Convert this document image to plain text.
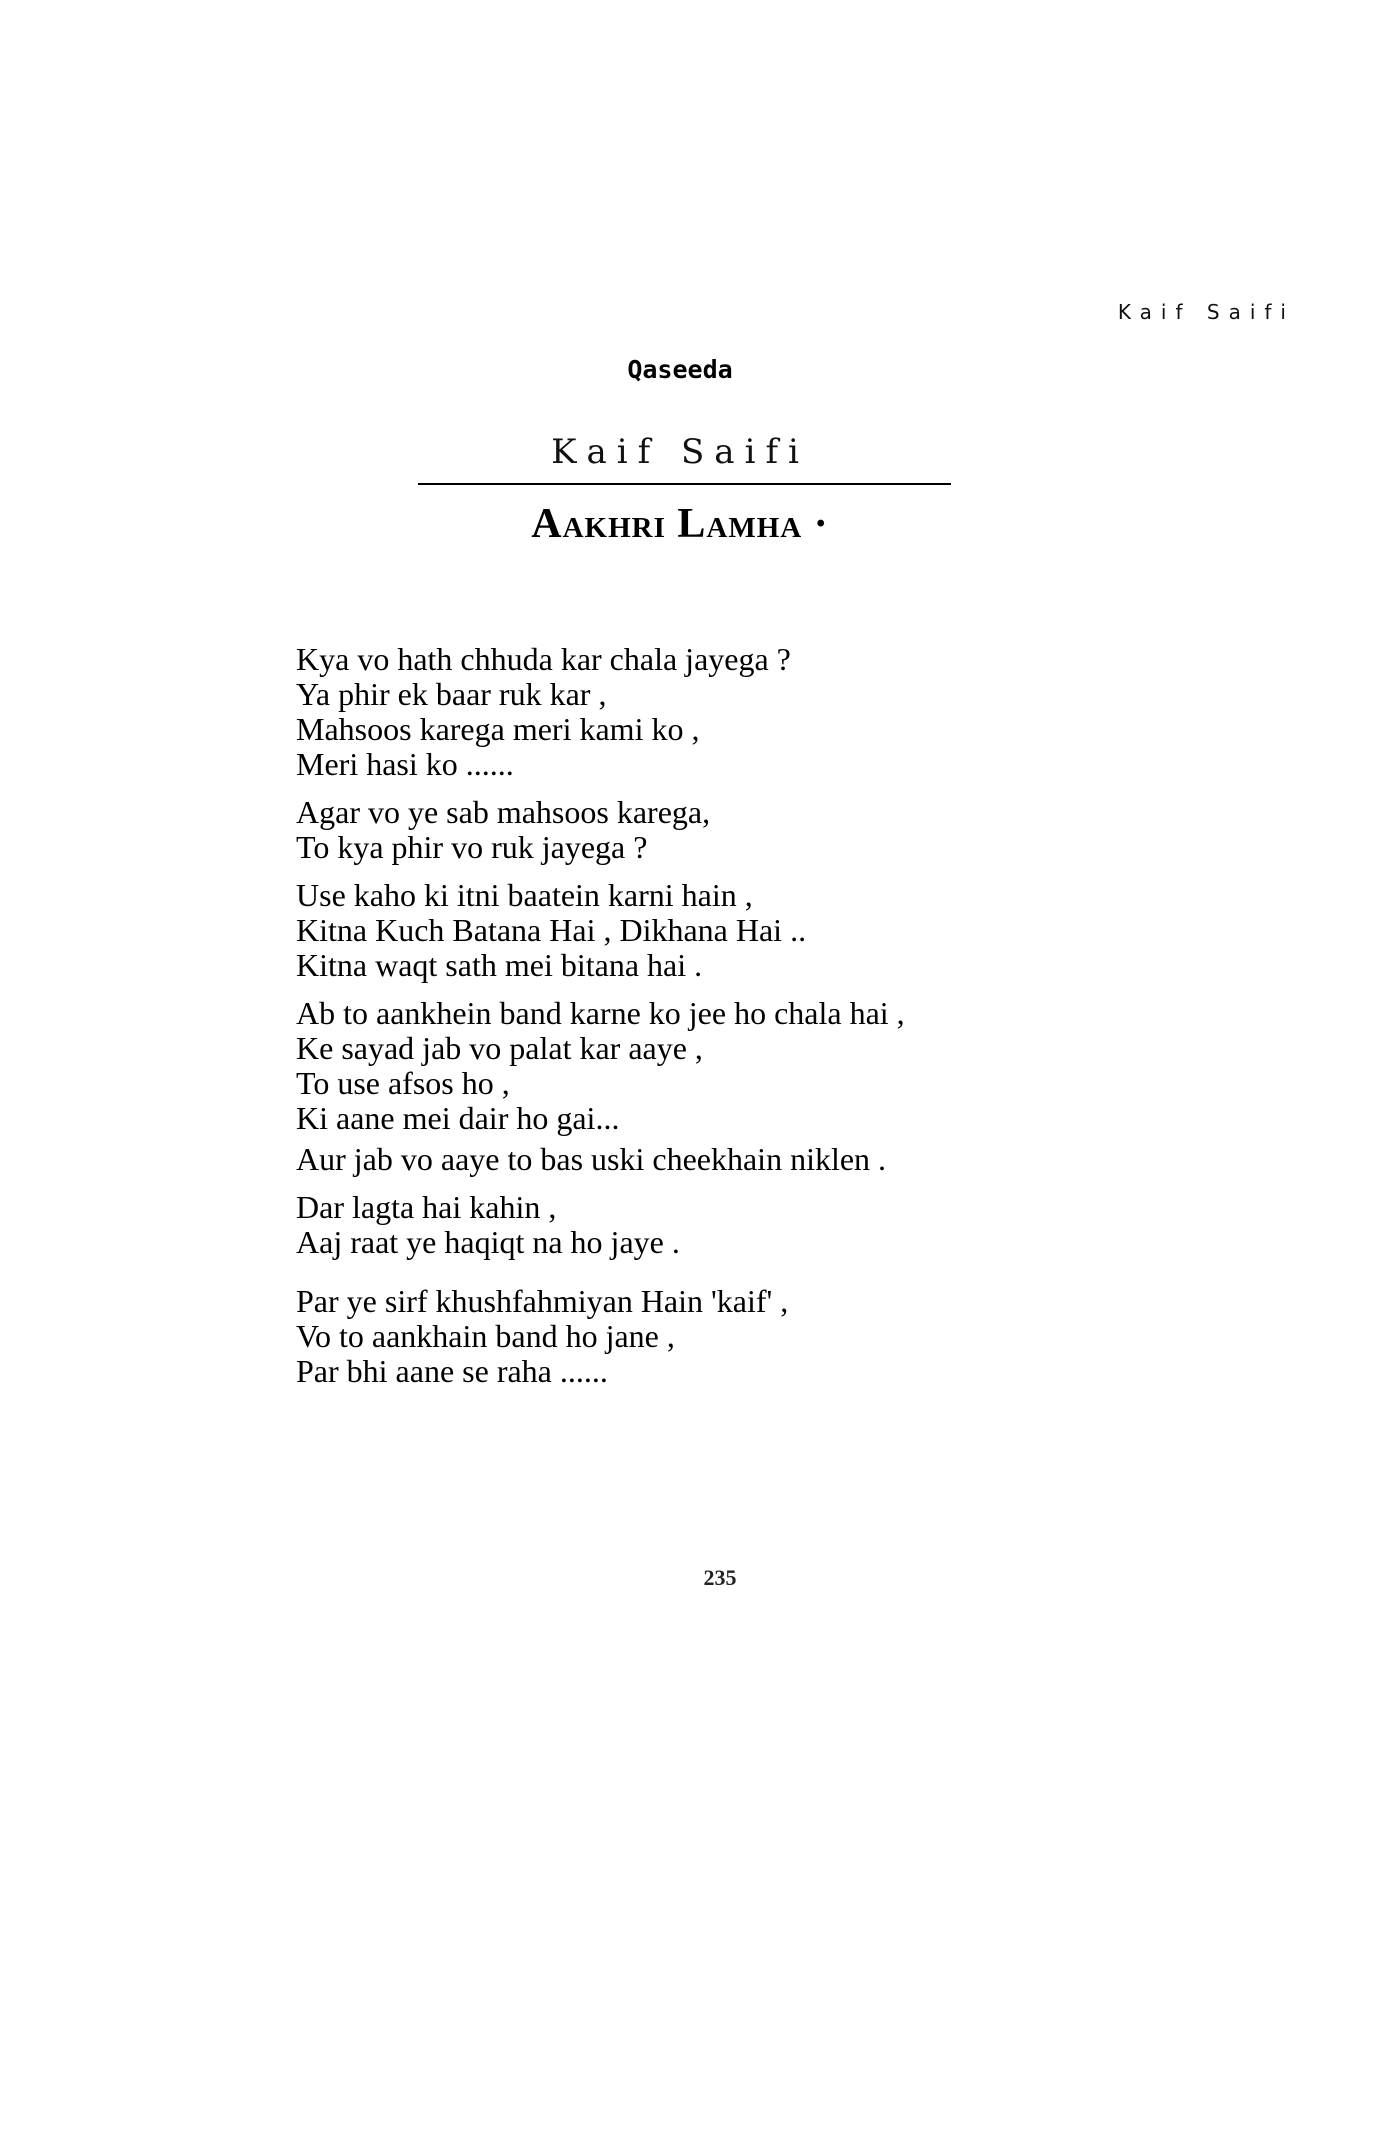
Kaif Saifi
Qaseeda
Kaif Saifi
Aakhri Lamha ·
Kya vo hath chhuda kar chala jayega ?
Ya phir ek baar ruk kar ,
Mahsoos karega meri kami ko ,
Meri hasi ko ......
Agar vo ye sab mahsoos karega,
To kya phir vo ruk jayega ?
Use kaho ki itni baatein karni hain ,
Kitna Kuch Batana Hai , Dikhana Hai ..
Kitna waqt sath mei bitana hai .
Ab to aankhein band karne ko jee ho chala hai ,
Ke sayad jab vo palat kar aaye ,
To use afsos ho ,
Ki aane mei dair ho gai...
Aur jab vo aaye to bas uski cheekhain niklen .
Dar lagta hai kahin ,
Aaj raat ye haqiqt na ho jaye .
Par ye sirf khushfahmiyan Hain 'kaif' ,
Vo to aankhain band ho jane ,
Par bhi aane se raha ......
235
